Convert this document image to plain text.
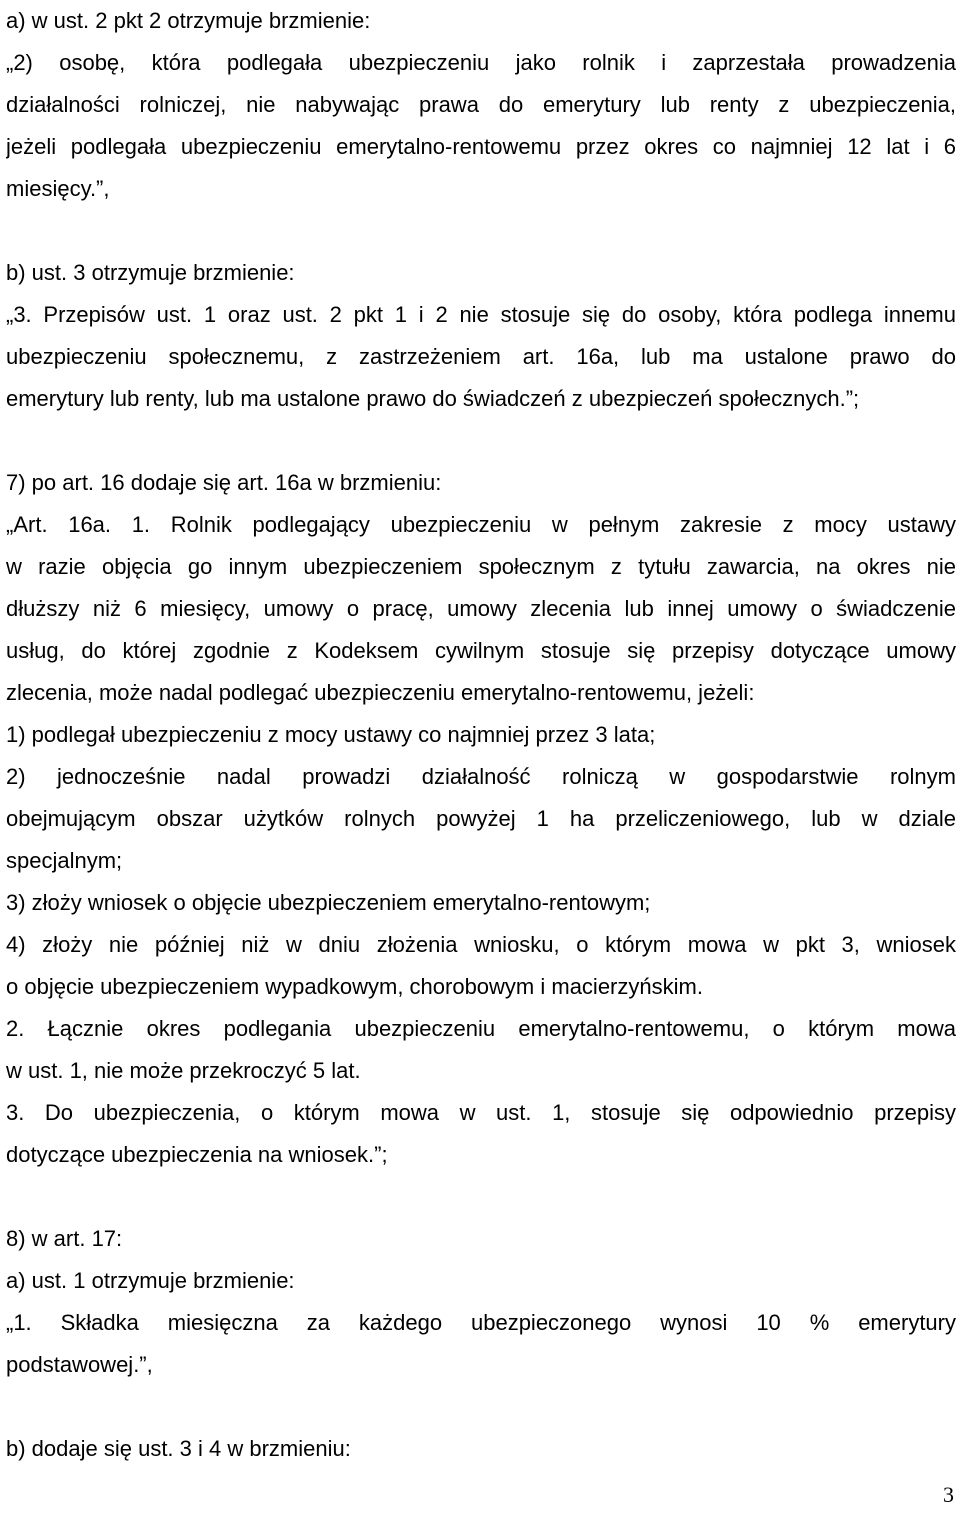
a) w ust. 2 pkt 2 otrzymuje brzmienie:
„2) osobę, która podlegała ubezpieczeniu jako rolnik i zaprzestała prowadzenia
działalności rolniczej, nie nabywając prawa do emerytury lub renty z ubezpieczenia,
jeżeli podlegała ubezpieczeniu emerytalno-rentowemu przez okres co najmniej 12 lat i 6
miesięcy.”,
b) ust. 3 otrzymuje brzmienie:
„3. Przepisów ust. 1 oraz ust. 2 pkt 1 i 2 nie stosuje się do osoby, która podlega innemu
ubezpieczeniu społecznemu, z zastrzeżeniem art. 16a, lub ma ustalone prawo do
emerytury lub renty, lub ma ustalone prawo do świadczeń z ubezpieczeń społecznych.”;
7) po art. 16 dodaje się art. 16a w brzmieniu:
„Art. 16a. 1. Rolnik podlegający ubezpieczeniu w pełnym zakresie z mocy ustawy
w razie objęcia go innym ubezpieczeniem społecznym z tytułu zawarcia, na okres nie
dłuższy niż 6 miesięcy, umowy o pracę, umowy zlecenia lub innej umowy o świadczenie
usług, do której zgodnie z Kodeksem cywilnym stosuje się przepisy dotyczące umowy
zlecenia, może nadal podlegać ubezpieczeniu emerytalno-rentowemu, jeżeli:
1) podlegał ubezpieczeniu z mocy ustawy co najmniej przez 3 lata;
2) jednocześnie nadal prowadzi działalność rolniczą w gospodarstwie rolnym
obejmującym obszar użytków rolnych powyżej 1 ha przeliczeniowego, lub w dziale
specjalnym;
3) złoży wniosek o objęcie ubezpieczeniem emerytalno-rentowym;
4) złoży nie później niż w dniu złożenia wniosku, o którym mowa w pkt 3, wniosek
o objęcie ubezpieczeniem wypadkowym, chorobowym i macierzyńskim.
2. Łącznie okres podlegania ubezpieczeniu emerytalno-rentowemu, o którym mowa
w ust. 1, nie może przekroczyć 5 lat.
3. Do ubezpieczenia, o którym mowa w ust. 1, stosuje się odpowiednio przepisy
dotyczące ubezpieczenia na wniosek.”;
8) w art. 17:
a) ust. 1 otrzymuje brzmienie:
„1. Składka miesięczna za każdego ubezpieczonego wynosi 10 % emerytury
podstawowej.”,
b) dodaje się ust. 3 i 4 w brzmieniu:
3
